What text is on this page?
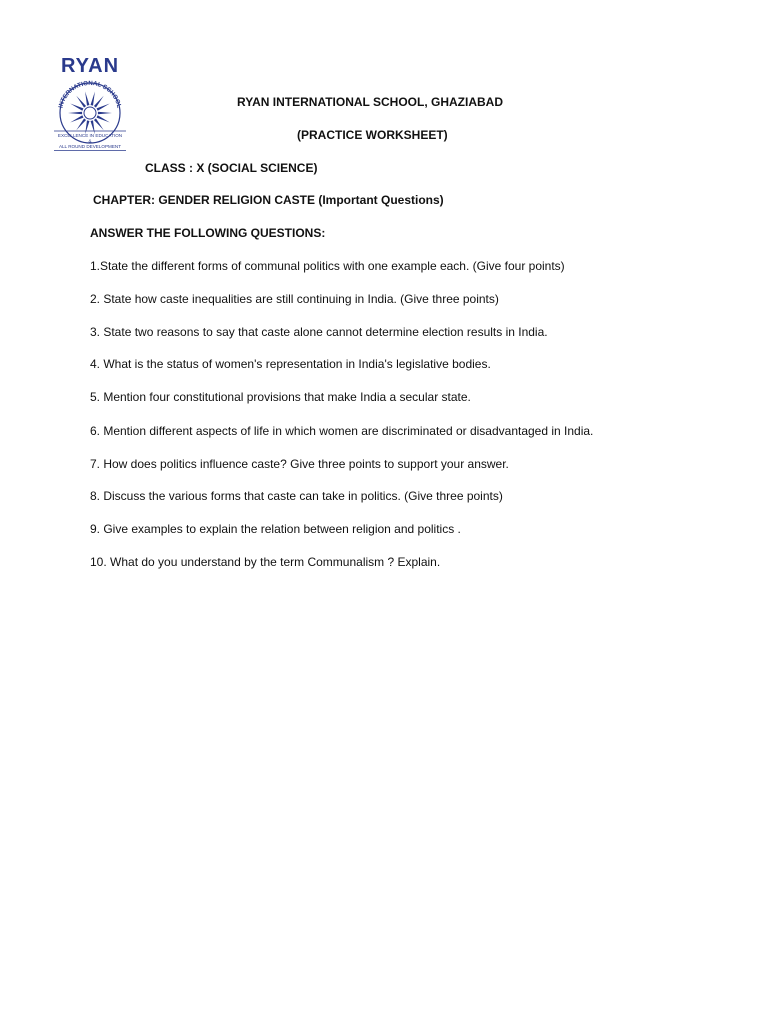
RYAN
INTERNATIONAL SCHOOL
EXCELLENCE IN EDUCATION
&
ALL ROUND DEVELOPMENT
RYAN INTERNATIONAL SCHOOL, GHAZIABAD
(PRACTICE WORKSHEET)
CLASS : X (SOCIAL SCIENCE)
CHAPTER: GENDER RELIGION CASTE (Important Questions)
ANSWER THE FOLLOWING QUESTIONS:
1.State the different forms of communal politics with one example each. (Give four points)
2. State how caste inequalities are still continuing in India. (Give three points)
3. State two reasons to say that caste alone cannot determine election results in India.
4. What is the status of women's representation in India's legislative bodies.
5. Mention four constitutional provisions that make India a secular state.
6. Mention different aspects of life in which women are discriminated or disadvantaged in India.
7. How does politics influence caste? Give three points to support your answer.
8. Discuss the various forms that caste can take in politics. (Give three points)
9. Give examples to explain the relation between religion and politics .
10. What do you understand by the term Communalism ? Explain.
